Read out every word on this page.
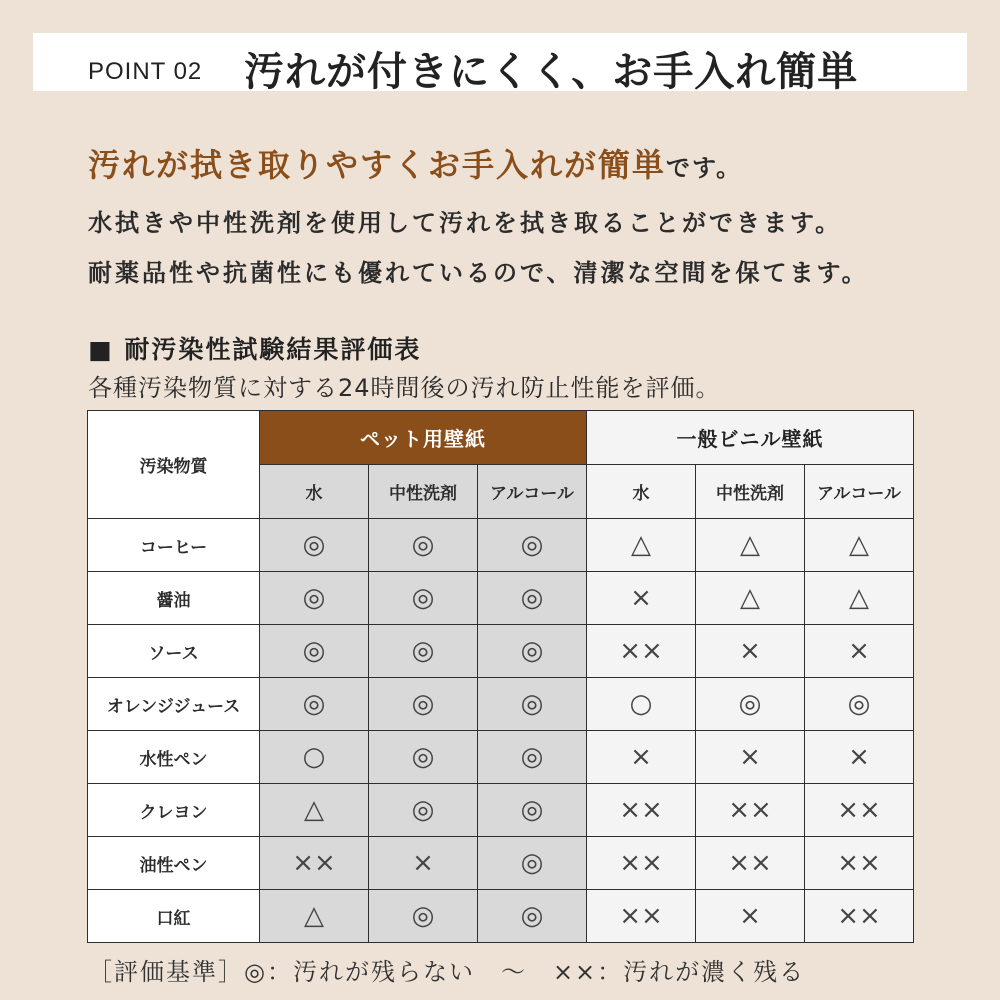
POINT 02 汚れが付きにくく、お手入れ簡単
汚れが拭き取りやすくお手入れが簡単です。
水拭きや中性洗剤を使用して汚れを拭き取ることができます。
耐薬品性や抗菌性にも優れているので、清潔な空間を保てます。
■ 耐汚染性試験結果評価表
各種汚染物質に対する24時間後の汚れ防止性能を評価。
汚染物質	ペット用壁紙			一般ビニル壁紙		
	水	中性洗剤	アルコール	水	中性洗剤	アルコール
コーヒー	◎	◎	◎	△	△	△
醤油	◎	◎	◎	×	△	△
ソース	◎	◎	◎	××	×	×
オレンジジュース	◎	◎	◎	○	◎	◎
水性ペン	○	◎	◎	×	×	×
クレヨン	△	◎	◎	××	××	××
油性ペン	××	×	◎	××	××	××
口紅	△	◎	◎	××	×	××
［評価基準］◎：汚れが残らない　～　××：汚れが濃く残る
